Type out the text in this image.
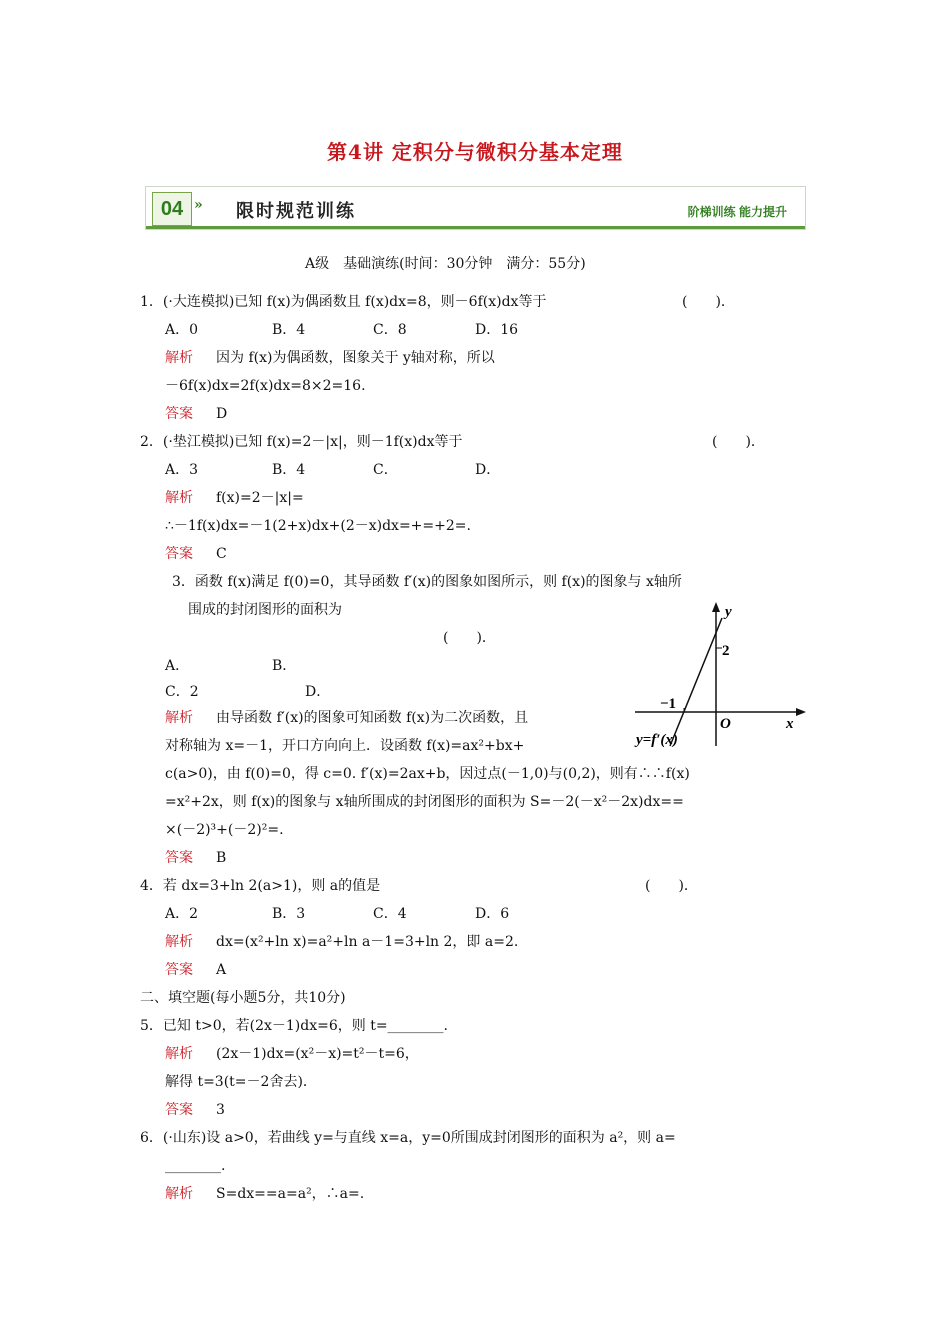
第4讲 定积分与微积分基本定理
04 » 限时规范训练	阶梯训练 能力提升
A级　基础演练(时间：30分钟　满分：55分)
1．(·大连模拟)已知 f(x)为偶函数且 f(x)dx=8，则－6f(x)dx等于	(　　)．
A．0	B．4	C．8	D．16
解析 因为 f(x)为偶函数，图象关于 y轴对称，所以
－6f(x)dx=2f(x)dx=8×2=16.
答案 D
2．(·垫江模拟)已知 f(x)=2－|x|，则－1f(x)dx等于	(　　)．
A．3	B．4	C．	D．
解析 f(x)=2－|x|=
∴－1f(x)dx=－1(2+x)dx+(2－x)dx=+=+2=.
答案 C
3．函数 f(x)满足 f(0)=0，其导函数 f′(x)的图象如图所示，则 f(x)的图象与 x轴所
围成的封闭图形的面积为
(　　)．
A．	B．
C．2	D．
解析 由导函数 f′(x)的图象可知函数 f(x)为二次函数，且
对称轴为 x=－1，开口方向向上．设函数 f(x)=ax²+bx+
c(a>0)，由 f(0)=0，得 c=0. f′(x)=2ax+b，因过点(－1,0)与(0,2)，则有∴∴f(x)
=x²+2x，则 f(x)的图象与 x轴所围成的封闭图形的面积为 S=－2(－x²－2x)dx==
×(－2)³+(－2)²=.
答案 B
y
2
−1
O	x
y=f′(x)
4．若 dx=3+ln 2(a>1)，则 a的值是	(　　)．
A．2	B．3	C．4	D．6
解析 dx=(x²+ln x)=a²+ln a－1=3+ln 2，即 a=2.
答案 A
二、填空题(每小题5分，共10分)
5．已知 t>0，若(2x－1)dx=6，则 t=________.
解析 (2x－1)dx=(x²－x)=t²－t=6，
解得 t=3(t=－2舍去)．
答案 3
6．(·山东)设 a>0，若曲线 y=与直线 x=a，y=0所围成封闭图形的面积为 a²，则 a=
________.
解析 S=dx==a=a²，∴a=.
